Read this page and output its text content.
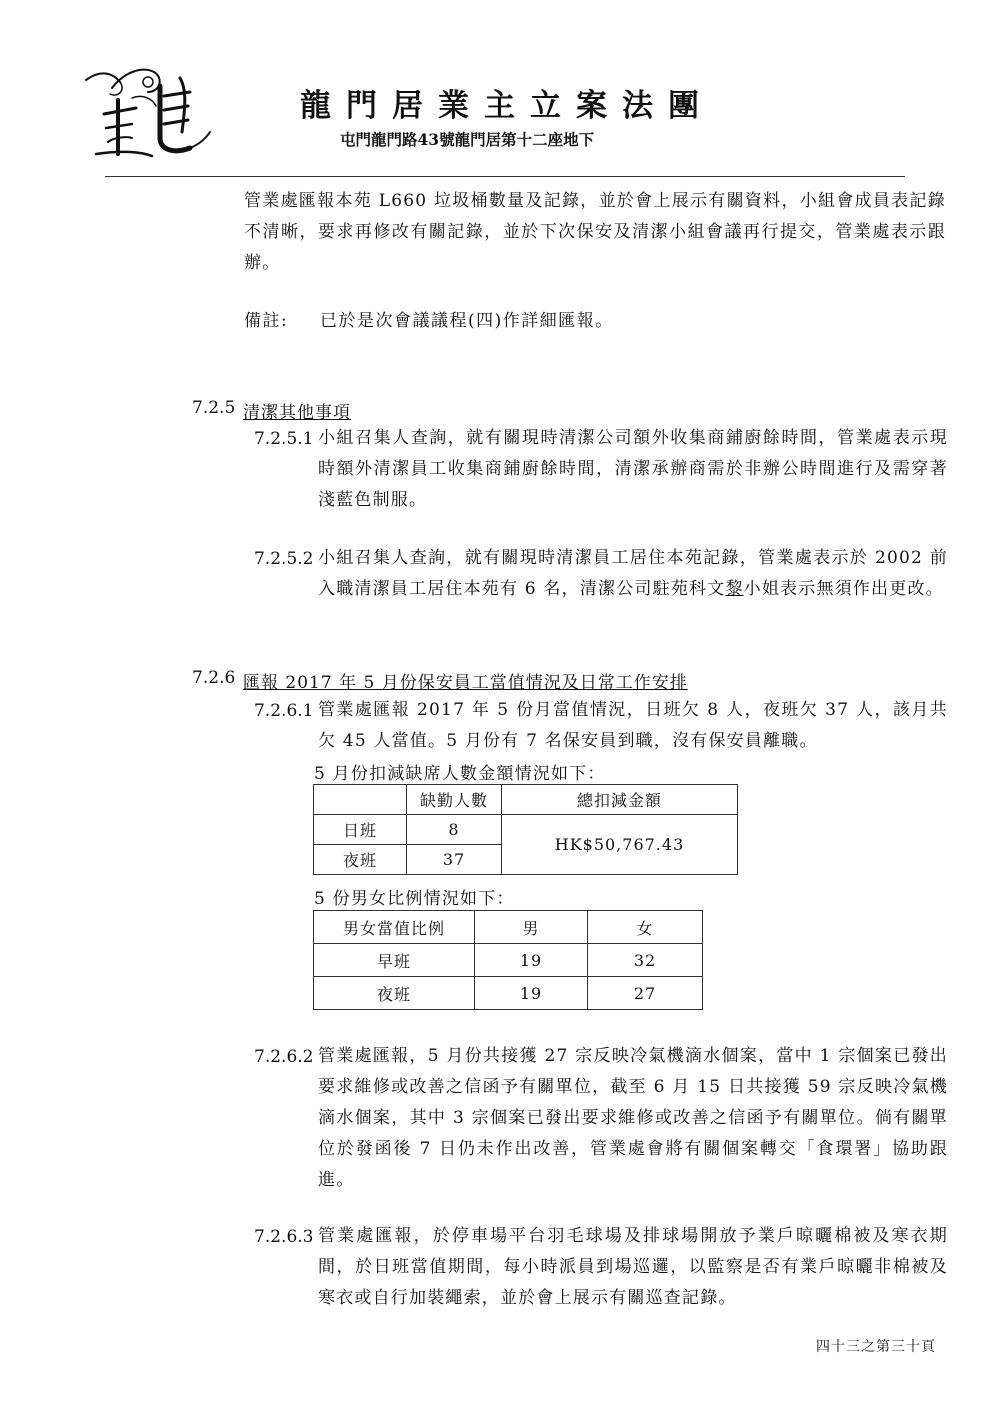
龍門居業主立案法團
屯門龍門路43號龍門居第十二座地下
管業處匯報本苑 L660 垃圾桶數量及記錄，並於會上展示有關資料，小組會成員表記錄不清晰，要求再修改有關記錄，並於下次保安及清潔小組會議再行提交，管業處表示跟辦。
備註: 已於是次會議議程(四)作詳細匯報。
7.2.5 清潔其他事項
7.2.5.1 小組召集人查詢，就有關現時清潔公司額外收集商鋪廚餘時間，管業處表示現時額外清潔員工收集商鋪廚餘時間，清潔承辦商需於非辦公時間進行及需穿著淺藍色制服。
7.2.5.2 小組召集人查詢，就有關現時清潔員工居住本苑記錄，管業處表示於 2002 前入職清潔員工居住本苑有 6 名，清潔公司駐苑科文黎小姐表示無須作出更改。
7.2.6 匯報 2017 年 5 月份保安員工當值情況及日常工作安排
7.2.6.1 管業處匯報 2017 年 5 份月當值情況，日班欠 8 人，夜班欠 37 人，該月共欠 45 人當值。5 月份有 7 名保安員到職，沒有保安員離職。
5 月份扣減缺席人數金額情況如下：
	缺勤人數	總扣減金額
日班	8	HK$50,767.43
夜班	37	
5 份男女比例情況如下：
男女當值比例	男	女
早班	19	32
夜班	19	27
7.2.6.2 管業處匯報，5 月份共接獲 27 宗反映冷氣機滴水個案，當中 1 宗個案已發出要求維修或改善之信函予有關單位，截至 6 月 15 日共接獲 59 宗反映冷氣機滴水個案，其中 3 宗個案已發出要求維修或改善之信函予有關單位。倘有關單位於發函後 7 日仍未作出改善，管業處會將有關個案轉交「食環署」協助跟進。
7.2.6.3 管業處匯報，於停車場平台羽毛球場及排球場開放予業戶晾曬棉被及寒衣期間，於日班當值期間，每小時派員到場巡邏，以監察是否有業戶晾曬非棉被及寒衣或自行加裝繩索，並於會上展示有關巡查記錄。
四十三之第三十頁
